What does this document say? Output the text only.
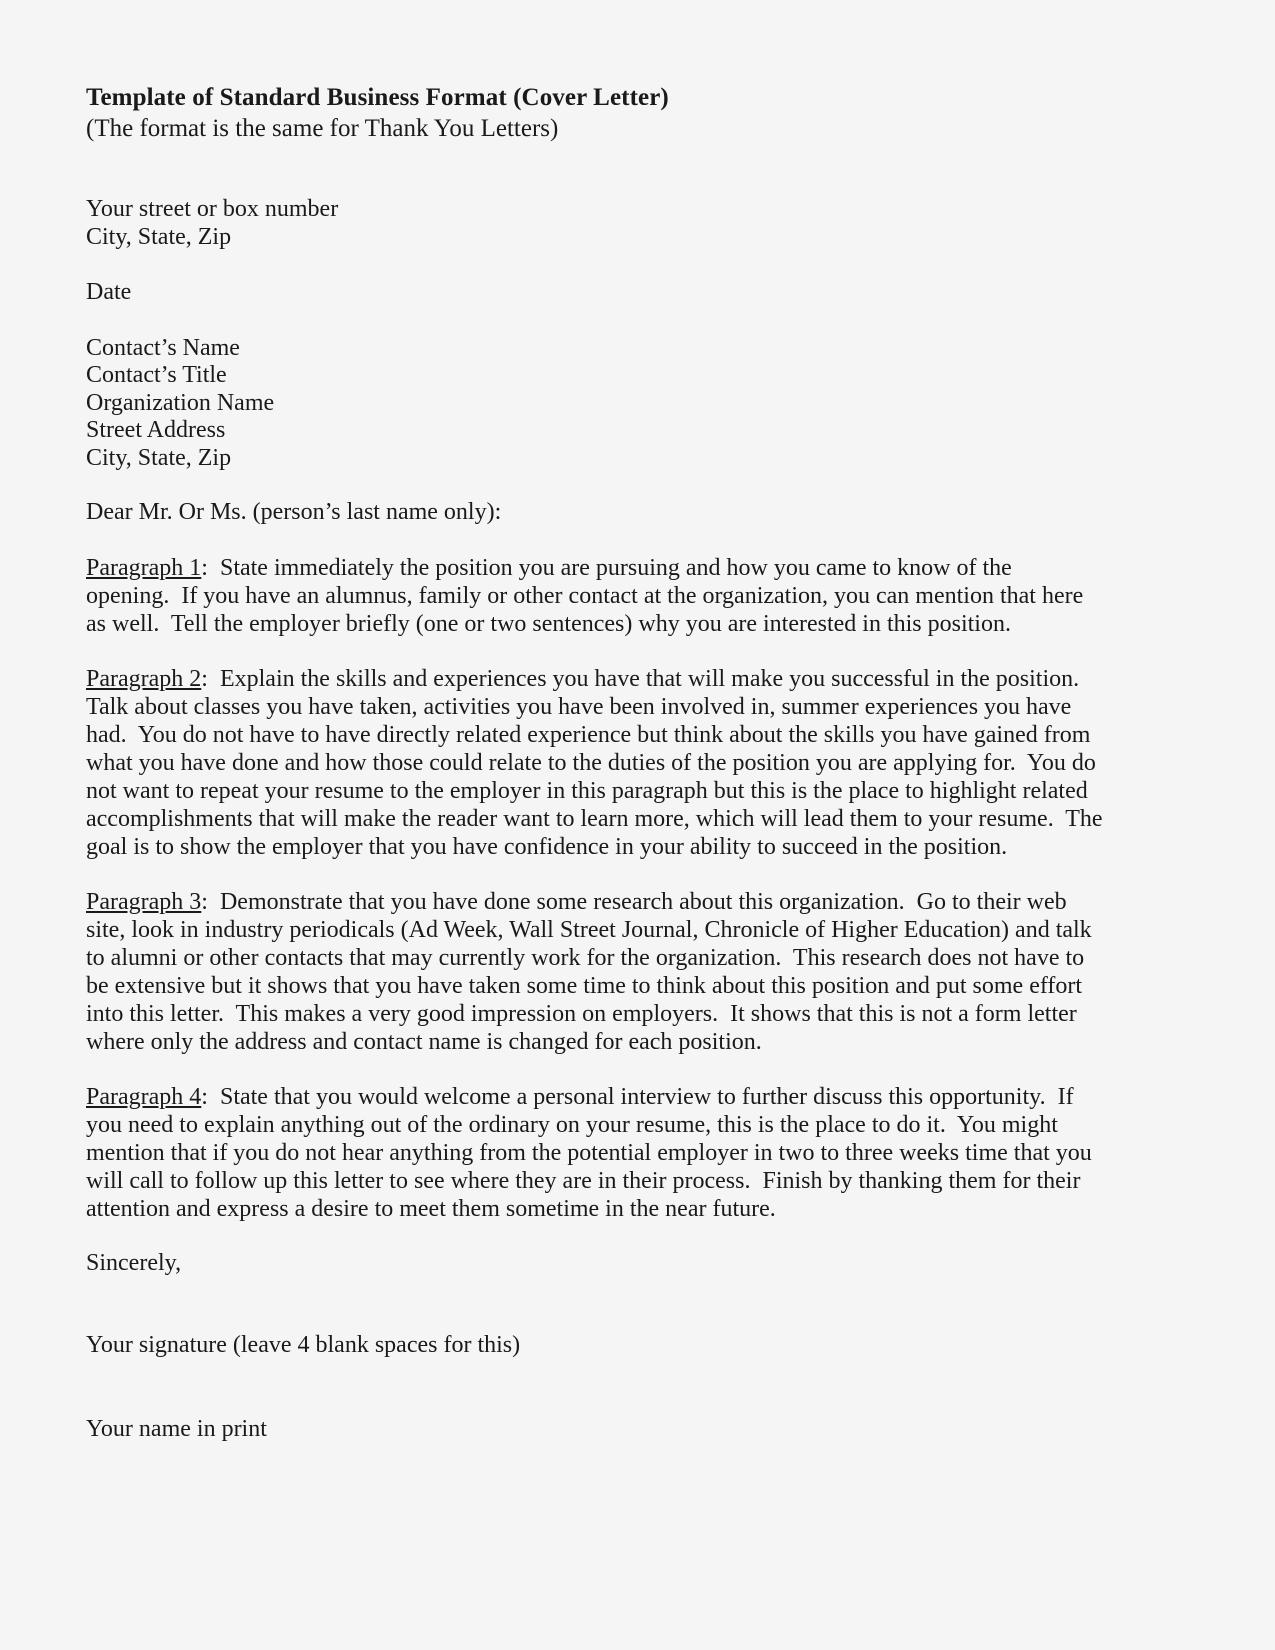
Template of Standard Business Format (Cover Letter)
(The format is the same for Thank You Letters)
Your street or box number
City, State, Zip
Date
Contact’s Name
Contact’s Title
Organization Name
Street Address
City, State, Zip
Dear Mr. Or Ms. (person’s last name only):

Paragraph 1:  State immediately the position you are pursuing and how you came to know of the opening.  If you have an alumnus, family or other contact at the organization, you can mention that here as well.  Tell the employer briefly (one or two sentences) why you are interested in this position.

Paragraph 2:  Explain the skills and experiences you have that will make you successful in the position.  Talk about classes you have taken, activities you have been involved in, summer experiences you have had.  You do not have to have directly related experience but think about the skills you have gained from what you have done and how those could relate to the duties of the position you are applying for.  You do not want to repeat your resume to the employer in this paragraph but this is the place to highlight related accomplishments that will make the reader want to learn more, which will lead them to your resume.  The goal is to show the employer that you have confidence in your ability to succeed in the position.

Paragraph 3:  Demonstrate that you have done some research about this organization.  Go to their web site, look in industry periodicals (Ad Week, Wall Street Journal, Chronicle of Higher Education) and talk to alumni or other contacts that may currently work for the organization.  This research does not have to be extensive but it shows that you have taken some time to think about this position and put some effort into this letter.  This makes a very good impression on employers.  It shows that this is not a form letter where only the address and contact name is changed for each position.

Paragraph 4:  State that you would welcome a personal interview to further discuss this opportunity.  If you need to explain anything out of the ordinary on your resume, this is the place to do it.  You might mention that if you do not hear anything from the potential employer in two to three weeks time that you will call to follow up this letter to see where they are in their process.  Finish by thanking them for their attention and express a desire to meet them sometime in the near future.

Sincerely,
Your signature (leave 4 blank spaces for this)
Your name in print
